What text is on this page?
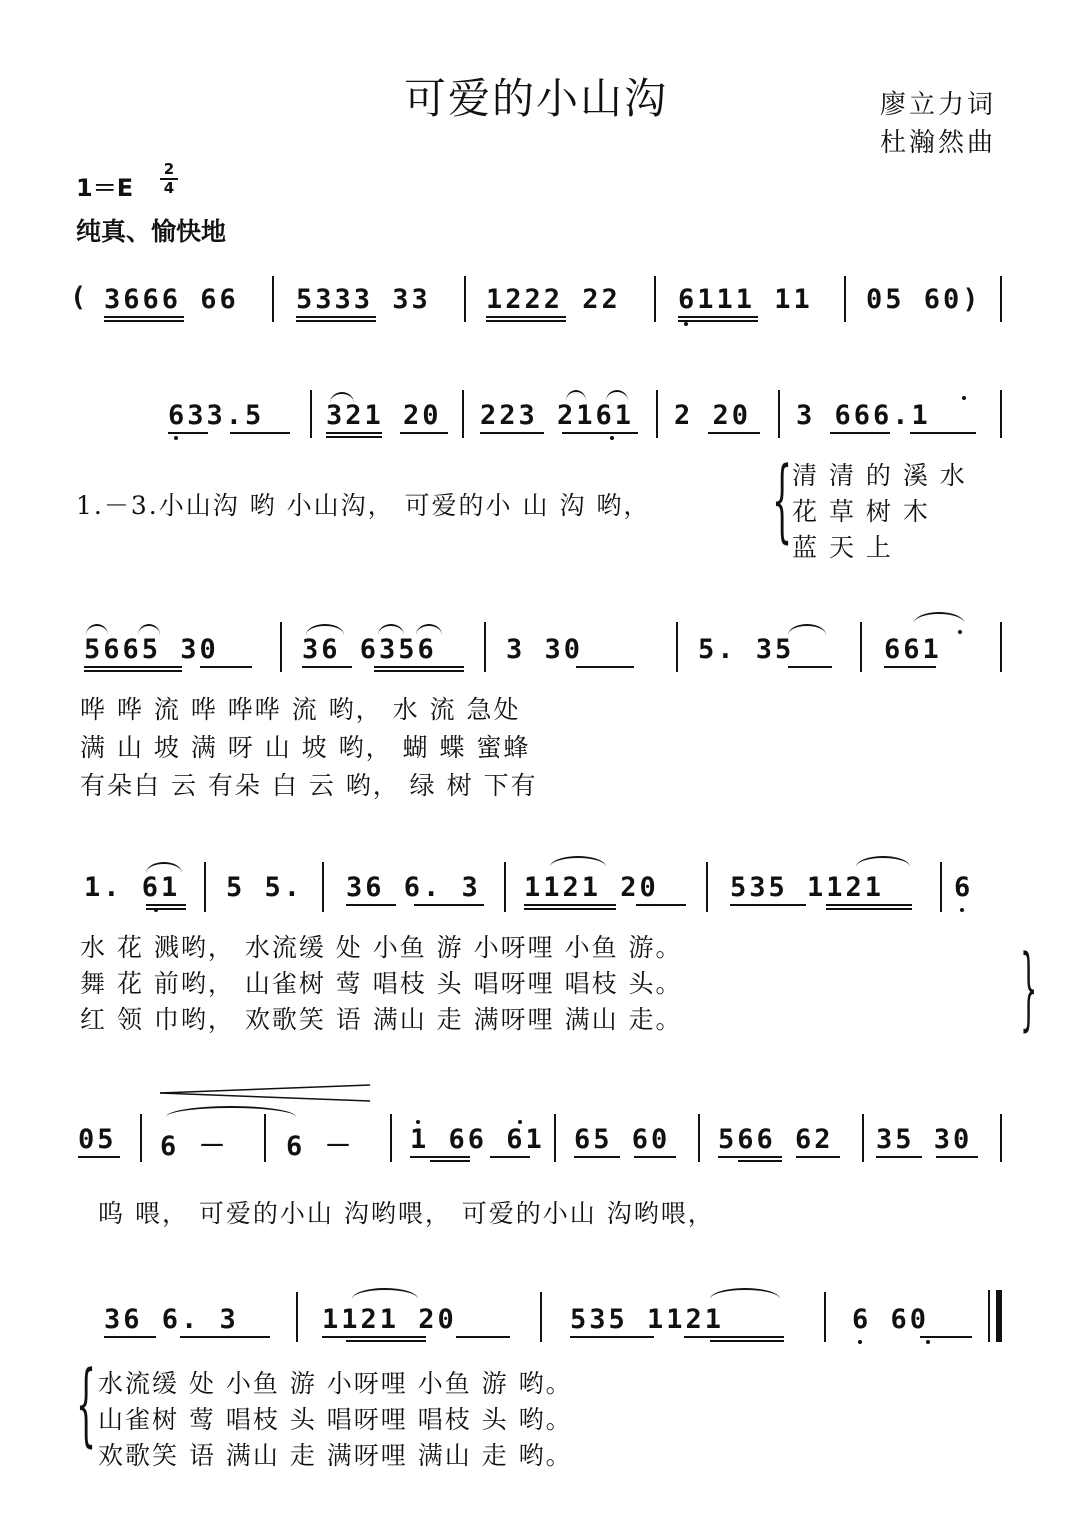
可爱的小山沟	廖立力词
杜瀚然曲
1＝E
2
4
纯真、愉快地
( 3666 66 5333 33 1222 22 6111 11 05 60)
633.5 321 20 223 2161 2 20 3 666.1
1.－3.小山沟 哟 小山沟， 可爱的小 山 沟 哟， { 清 清 的 溪 水
花 草 树 木
蓝 天 上
5665 30	36 6356	3 30	5. 35	661
哗 哗 流 哗 哗哗 流 哟， 水 流 急处
满 山 坡 满 呀 山 坡 哟， 蝴 蝶 蜜蜂
有朵白 云 有朵 白 云 哟， 绿 树 下有
1. 61 5 5. 36 6. 3 1121 20	535 1121	6
水 花 溅哟， 水流缓 处 小鱼 游 小呀哩 小鱼 游。
舞 花 前哟， 山雀树 莺 唱枝 头 唱呀哩 唱枝 头。
红 领 巾哟， 欢歌笑 语 满山 走 满呀哩 满山 走。	{
05 6 － 6 － 1 66 61 65 60 566 62 35 30
呜 喂， 可爱的小山 沟哟喂， 可爱的小山 沟哟喂，
36 6. 3	1121 20	535 1121	6 60
{ 水流缓 处 小鱼 游 小呀哩 小鱼 游 哟。
山雀树 莺 唱枝 头 唱呀哩 唱枝 头 哟。
欢歌笑 语 满山 走 满呀哩 满山 走 哟。
